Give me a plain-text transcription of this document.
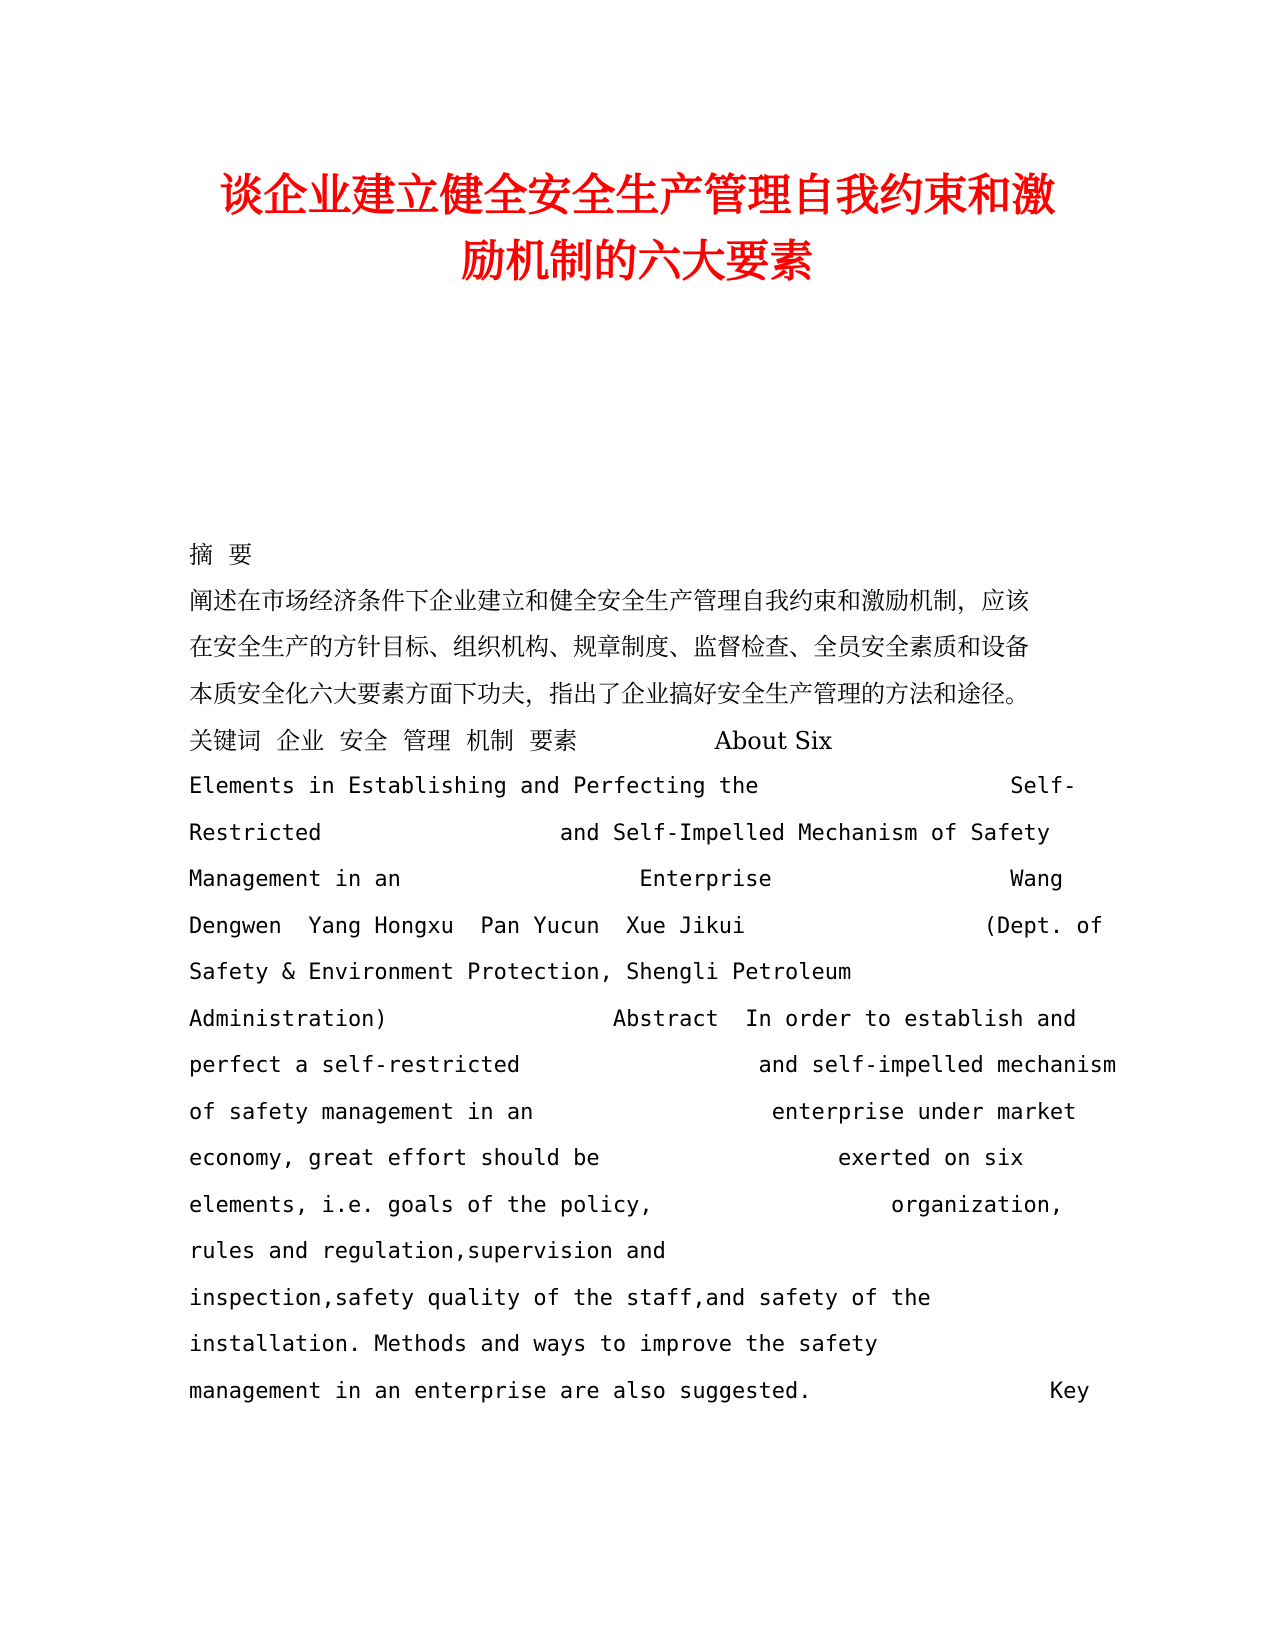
谈企业建立健全安全生产管理自我约束和激
励机制的六大要素
摘  要
阐述在市场经济条件下企业建立和健全安全生产管理自我约束和激励机制，应该
在安全生产的方针目标、组织机构、规章制度、监督检查、全员安全素质和设备
本质安全化六大要素方面下功夫，指出了企业搞好安全生产管理的方法和途径。
关键词  企业  安全  管理  机制  要素                  About Six
Elements in Establishing and Perfecting the                   Self-
Restricted                  and Self-Impelled Mechanism of Safety
Management in an                  Enterprise                  Wang
Dengwen  Yang Hongxu  Pan Yucun  Xue Jikui                  (Dept. of
Safety & Environment Protection, Shengli Petroleum
Administration)                 Abstract  In order to establish and
perfect a self-restricted                  and self-impelled mechanism
of safety management in an                  enterprise under market
economy, great effort should be                  exerted on six
elements, i.e. goals of the policy,                  organization,
rules and regulation,supervision and
inspection,safety quality of the staff,and safety of the
installation. Methods and ways to improve the safety
management in an enterprise are also suggested.                  Key
